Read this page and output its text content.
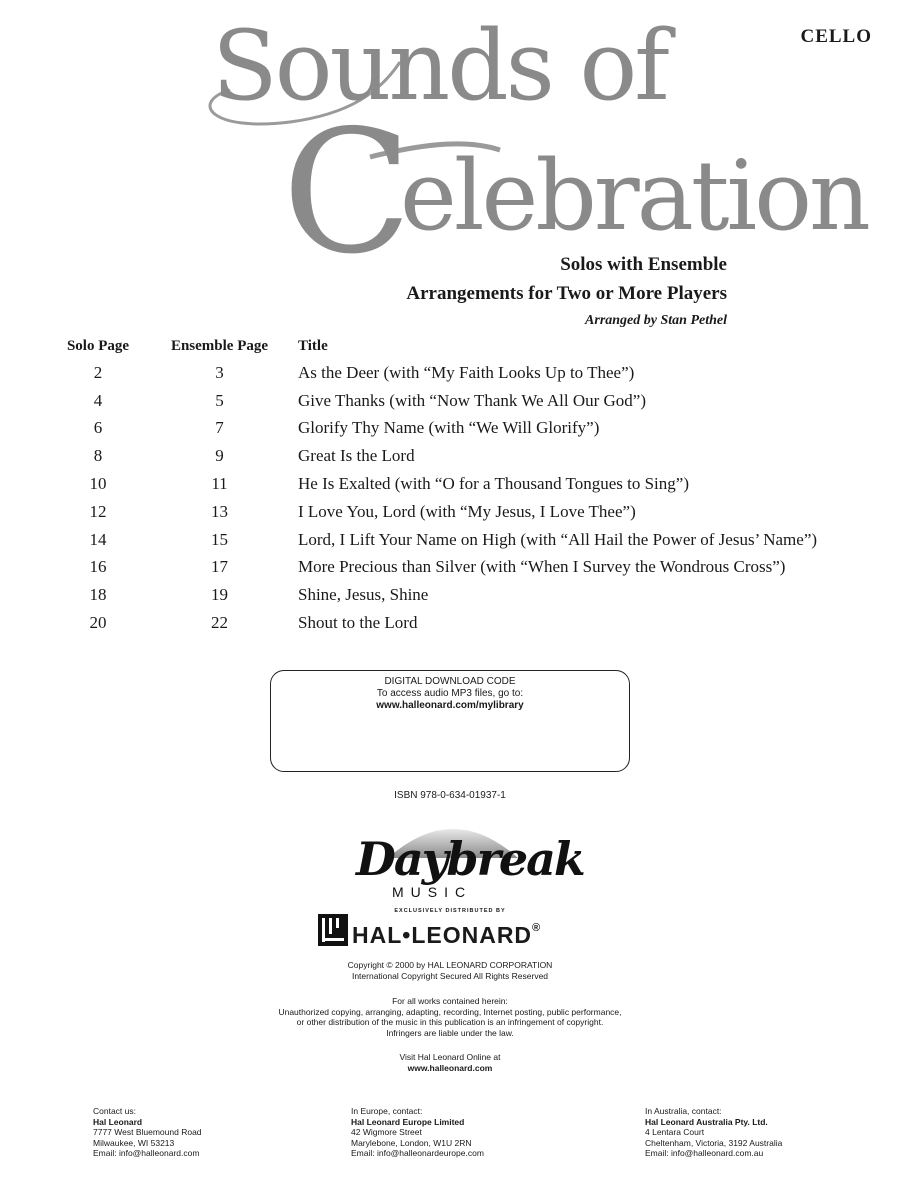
CELLO
Sounds of
C
elebration
Solos with Ensemble
Arrangements for Two or More Players
Arranged by Stan Pethel
Solo Page	Ensemble Page	Title
2	3	As the Deer (with “My Faith Looks Up to Thee”)
4	5	Give Thanks (with “Now Thank We All Our God”)
6	7	Glorify Thy Name (with “We Will Glorify”)
8	9	Great Is the Lord
10	11	He Is Exalted (with “O for a Thousand Tongues to Sing”)
12	13	I Love You, Lord (with “My Jesus, I Love Thee”)
14	15	Lord, I Lift Your Name on High (with “All Hail the Power of Jesus’ Name”)
16	17	More Precious than Silver (with “When I Survey the Wondrous Cross”)
18	19	Shine, Jesus, Shine
20	22	Shout to the Lord
DIGITAL DOWNLOAD CODE
To access audio MP3 files, go to:
www.halleonard.com/mylibrary
ISBN 978-0-634-01937-1
Daybreak
MUSIC
EXCLUSIVELY DISTRIBUTED BY
HAL•LEONARD®
Copyright © 2000 by HAL LEONARD CORPORATION
International Copyright Secured All Rights Reserved
For all works contained herein:
Unauthorized copying, arranging, adapting, recording, Internet posting, public performance,
or other distribution of the music in this publication is an infringement of copyright.
Infringers are liable under the law.
Visit Hal Leonard Online at
www.halleonard.com
Contact us:
Hal Leonard
7777 West Bluemound Road
Milwaukee, WI 53213
Email: info@halleonard.com
In Europe, contact:
Hal Leonard Europe Limited
42 Wigmore Street
Marylebone, London, W1U 2RN
Email: info@halleonardeurope.com
In Australia, contact:
Hal Leonard Australia Pty. Ltd.
4 Lentara Court
Cheltenham, Victoria, 3192 Australia
Email: info@halleonard.com.au
